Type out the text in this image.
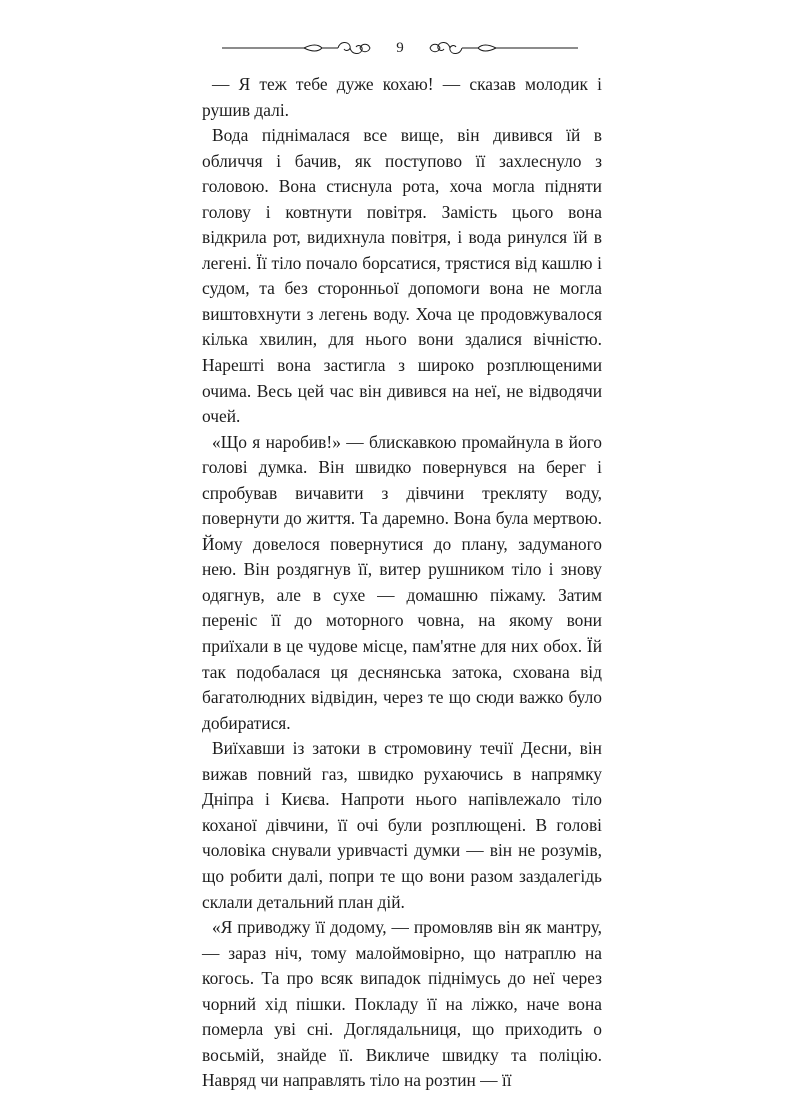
9

— Я теж тебе дуже кохаю! — сказав молодик і рушив далі.

Вода піднімалася все вище, він дивився їй в обличчя і бачив, як поступово її захлеснуло з головою. Вона стиснула рота, хоча могла підняти голову і ковтнути повітря. Замість цього вона відкрила рот, видихнула повітря, і вода ринулся їй в легені. Її тіло почало борсатися, трястися від кашлю і судом, та без сторонньої допомоги вона не могла виштовхнути з легень воду. Хоча це продовжувалося кілька хвилин, для нього вони здалися вічністю. Нарешті вона застигла з широко розплющеними очима. Весь цей час він дивився на неї, не відводячи очей.

«Що я наробив!» — блискавкою промайнула в його голові думка. Він швидко повернувся на берег і спробував вичавити з дівчини трекляту воду, повернути до життя. Та даремно. Вона була мертвою. Йому довелося повернутися до плану, задуманого нею. Він роздягнув її, витер рушником тіло і знову одягнув, але в сухе — домашню піжаму. Затим переніс її до моторного човна, на якому вони приїхали в це чудове місце, пам'ятне для них обох. Їй так подобалася ця деснянська затока, схована від багатолюдних відвідин, через те що сюди важко було добиратися.

Виїхавши із затоки в стромовину течії Десни, він вижав повний газ, швидко рухаючись в напрямку Дніпра і Києва. Напроти нього напівлежало тіло коханої дівчини, її очі були розплющені. В голові чоловіка снували уривчасті думки — він не розумів, що робити далі, попри те що вони разом заздалегідь склали детальний план дій.

«Я приводжу її додому, — промовляв він як мантру, — зараз ніч, тому малоймовірно, що натраплю на когось. Та про всяк випадок піднімусь до неї через чорний хід пішки. Покладу її на ліжко, наче вона померла уві сні. Доглядальниця, що приходить о восьмій, знайде її. Викличе швидку та поліцію. Навряд чи направлять тіло на розтин — її
